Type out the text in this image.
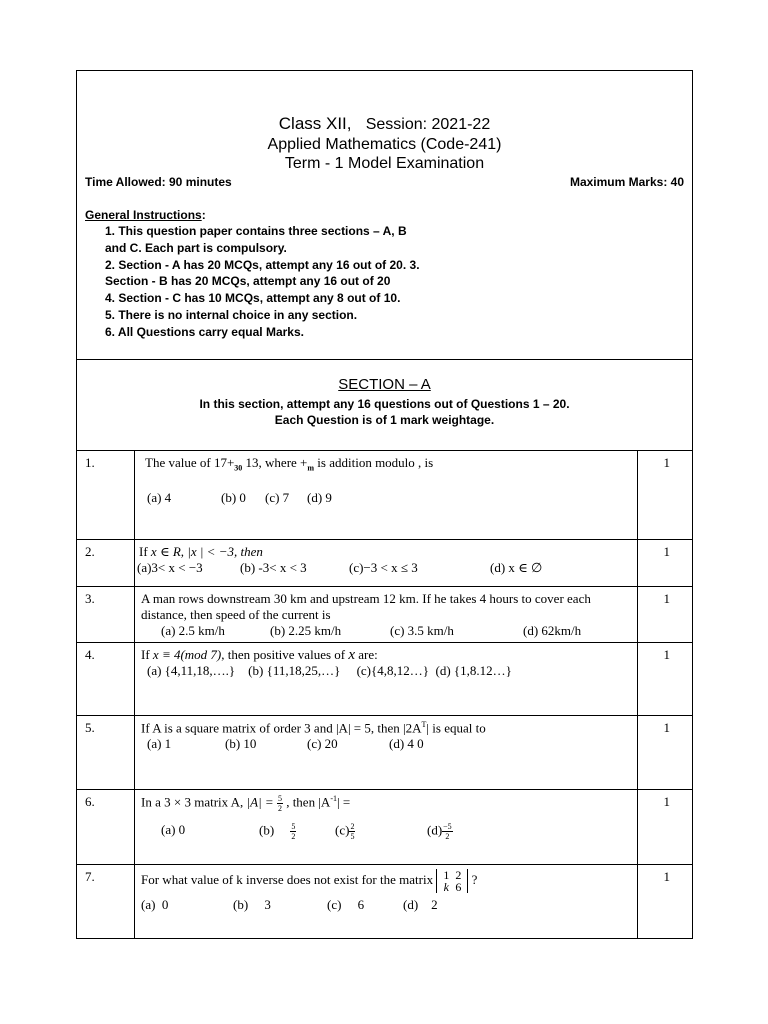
Class XII, Session: 2021-22
Applied Mathematics (Code-241)
Term - 1 Model Examination
Time Allowed: 90 minutes	Maximum Marks: 40
General Instructions:
1. This question paper contains three sections – A, B
and C. Each part is compulsory.
2. Section - A has 20 MCQs, attempt any 16 out of 20. 3.
Section - B has 20 MCQs, attempt any 16 out of 20
4. Section - C has 10 MCQs, attempt any 8 out of 10.
5. There is no internal choice in any section.
6. All Questions carry equal Marks.
SECTION – A
In this section, attempt any 16 questions out of Questions 1 – 20.
Each Question is of 1 mark weightage.
1.	The value of $17+_{30}$ 13, where $+_m$ is addition modulo , is
(a) 4	(b) 0 (c) 7 (d) 9
1
2.	If x ∈ R, |x | < −3, then
(a)3< x < −3	(b) -3< x < 3	(c)−3 < x ≤ 3	(d) x ∈ ∅
1
3.	A man rows downstream 30 km and upstream 12 km. If he takes 4 hours to cover each
distance, then speed of the current is
(a) 2.5 km/h	(b) 2.25 km/h	(c) 3.5 km/h	(d) 62km/h
1
4.	If x ≡ 4(mod 7), then positive values of x are:
(a) {4,11,18,….}    (b) {11,18,25,…}     (c){4,8,12…}  (d) {1,8.12…}
1
5.	If A is a square matrix of order 3 and |A| = 5, then $|2A^T|$ is equal to
(a) 1	(b) 10	(c) 20	(d) 4 0
1
6.	In a 3 × 3 matrix A, $|A| = \frac{5}{2}$ , then $|A^{-1}|$ =
(a) 0	$(b) \frac{5}{2}$	$(c) \frac{2}{5}$	$(d) \frac{-5}{2}$
1
7.	For what value of k inverse does not exist for the matrix 1 2
k 6 ?
(a)  0	(b)     3	(c)     6	(d)    2
1
